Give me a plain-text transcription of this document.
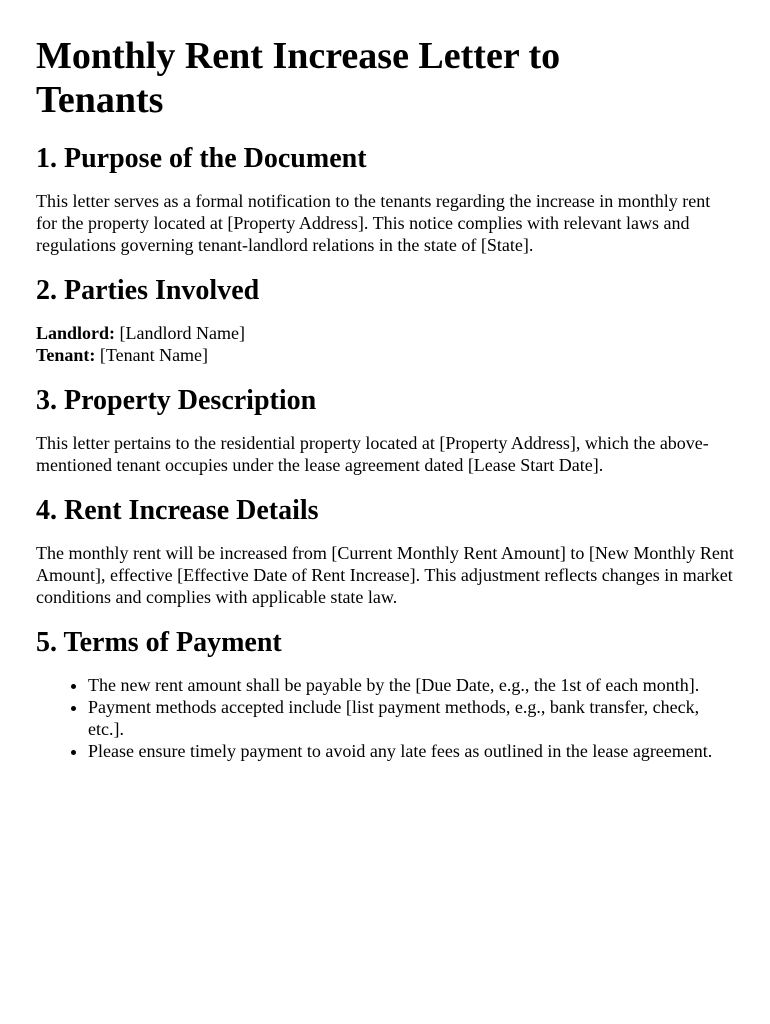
Monthly Rent Increase Letter to Tenants
1. Purpose of the Document

This letter serves as a formal notification to the tenants regarding the increase in monthly rent for the property located at [Property Address]. This notice complies with relevant laws and regulations governing tenant-landlord relations in the state of [State].

2. Parties Involved
Landlord: [Landlord Name]
Tenant: [Tenant Name]
3. Property Description

This letter pertains to the residential property located at [Property Address], which the above-mentioned tenant occupies under the lease agreement dated [Lease Start Date].

4. Rent Increase Details

The monthly rent will be increased from [Current Monthly Rent Amount] to [New Monthly Rent Amount], effective [Effective Date of Rent Increase]. This adjustment reflects changes in market conditions and complies with applicable state law.

5. Terms of Payment
• The new rent amount shall be payable by the [Due Date, e.g., the 1st of each month].
• Payment methods accepted include [list payment methods, e.g., bank transfer, check, etc.].
• Please ensure timely payment to avoid any late fees as outlined in the lease agreement.
